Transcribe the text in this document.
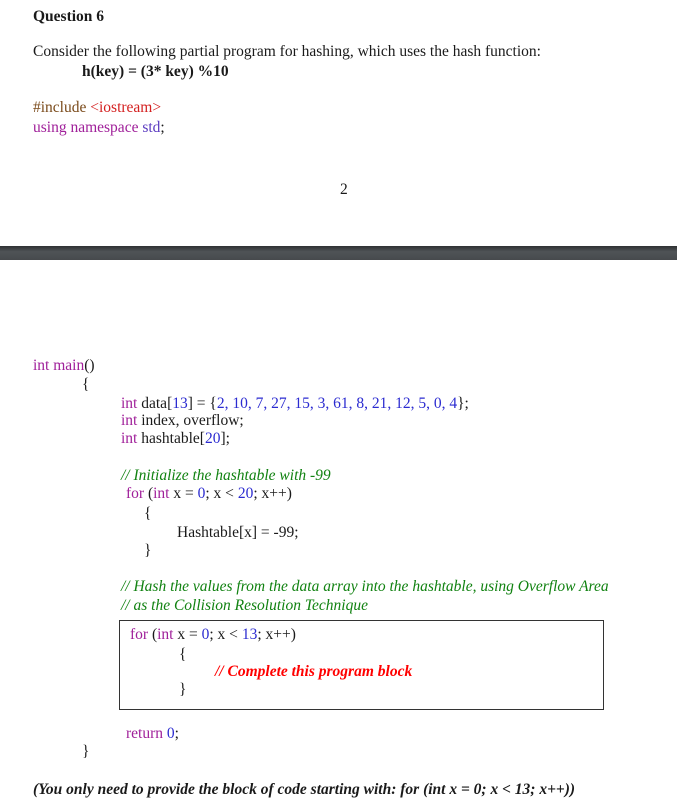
Question 6
Consider the following partial program for hashing, which uses the hash function:
h(key) = (3* key) %10
#include <iostream>
using namespace std;
2
int main()
{
int data[13] = {2, 10, 7, 27, 15, 3, 61, 8, 21, 12, 5, 0, 4};
int index, overflow;
int hashtable[20];
// Initialize the hashtable with -99
for (int x = 0; x < 20; x++)
{
Hashtable[x] = -99;
}
// Hash the values from the data array into the hashtable, using Overflow Area
// as the Collision Resolution Technique
for (int x = 0; x < 13; x++)
{
// Complete this program block
}
return 0;
}
(You only need to provide the block of code starting with: for (int x = 0; x < 13; x++))
